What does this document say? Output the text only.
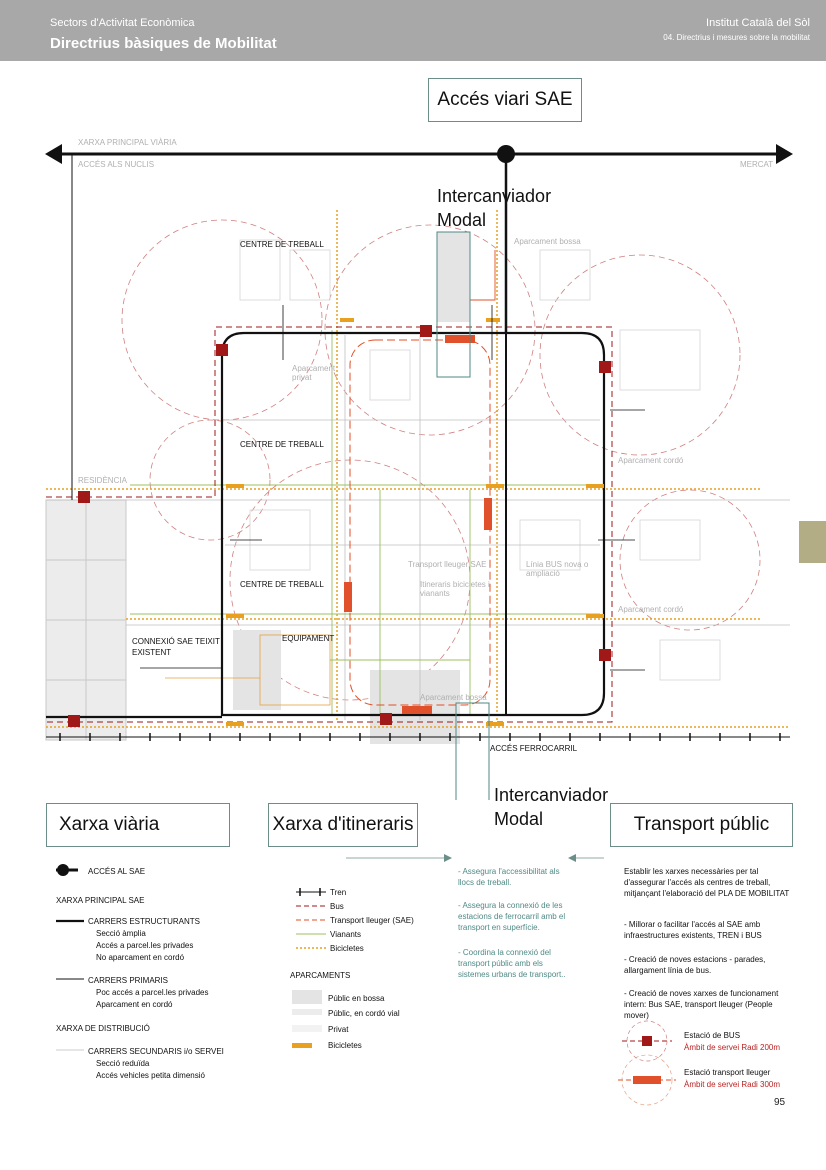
Sectors d'Activitat Econòmica
Directrius bàsiques de Mobilitat
Institut Català del Sòl
04. Directrius i mesures sobre la mobilitat
Accés viari SAE
XARXA PRINCIPAL VIÀRIA
ACCÉS ALS NUCLIS	MERCAT
Intercanviador Modal
Aparcament bossa
CENTRE DE TREBALL
Aparcament privat
CENTRE DE TREBALL
Aparcament cordó
RESIDÈNCIA
Transport lleuger SAE
Itineraris bicicletes i vianants
Línia BUS nova o ampliació
CENTRE DE TREBALL
Aparcament cordó
CONNEXIÓ SAE TEIXIT EXISTENT
EQUIPAMENT
Aparcament bossa
ACCÉS FERROCARRIL
Intercanviador Modal
Xarxa viària	Xarxa d'itineraris	Transport públic
ACCÉS AL SAE
XARXA PRINCIPAL SAE
CARRERS ESTRUCTURANTS
Secció àmplia
Accés a parcel.les privades
No aparcament en cordó
CARRERS PRIMARIS
Poc accés a parcel.les privades
Aparcament en cordó
XARXA DE DISTRIBUCIÓ
CARRERS SECUNDARIS i/o SERVEI
Secció reduïda
Accés vehicles petita dimensió
Tren
Bus
Transport lleuger (SAE)
Vianants
Bicicletes
APARCAMENTS
Públic en bossa
Públic, en cordó vial
Privat
Bicicletes
- Assegura l'accessibilitat als llocs de treball.
- Assegura la connexió de les estacions de ferrocarril amb el transport en superfície.
- Coordina la connexió del transport públic amb els sistemes urbans de transport..
Establir les xarxes necessàries per tal d'assegurar l'accés als centres de treball, mitjançant l'elaboració del PLA DE MOBILITAT
- Millorar o facilitar l'accés al SAE amb infraestructures existents, TREN i BUS
- Creació de noves estacions - parades, allargament línia de bus.
- Creació de noves xarxes de funcionament intern: Bus SAE, transport lleuger (People mover)
Estació de BUS
Àmbit de servei Radi 200m
Estació transport lleuger
Àmbit de servei Radi 300m
95
